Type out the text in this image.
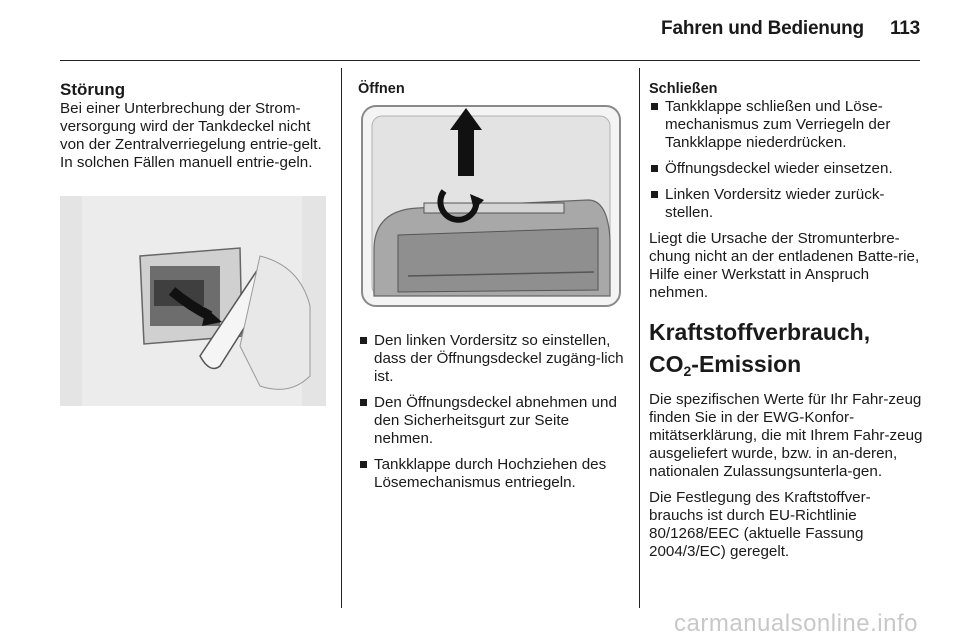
Fahren und Bedienung 113
Störung

Bei einer Unterbrechung der Strom-versorgung wird der Tankdeckel nicht von der Zentralverriegelung entrie-gelt. In solchen Fällen manuell entrie-geln.

Öffnen
Den linken Vordersitz so einstellen, dass der Öffnungsdeckel zugäng-lich ist.
Den Öffnungsdeckel abnehmen und den Sicherheitsgurt zur Seite nehmen.
Tankklappe durch Hochziehen des Lösemechanismus entriegeln.
Schließen
Tankklappe schließen und Löse-mechanismus zum Verriegeln der Tankklappe niederdrücken.
Öffnungsdeckel wieder einsetzen.
Linken Vordersitz wieder zurück-stellen.

Liegt die Ursache der Stromunterbre-chung nicht an der entladenen Batte-rie, Hilfe einer Werkstatt in Anspruch nehmen.

Kraftstoffverbrauch, $CO_2$-Emission

Die spezifischen Werte für Ihr Fahr-zeug finden Sie in der EWG-Konfor-mitätserklärung, die mit Ihrem Fahr-zeug ausgeliefert wurde, bzw. in an-deren, nationalen Zulassungsunterla-gen.

Die Festlegung des Kraftstoffver-brauchs ist durch EU-Richtlinie 80/1268/EEC (aktuelle Fassung 2004/3/EC) geregelt.

carmanualsonline.info
